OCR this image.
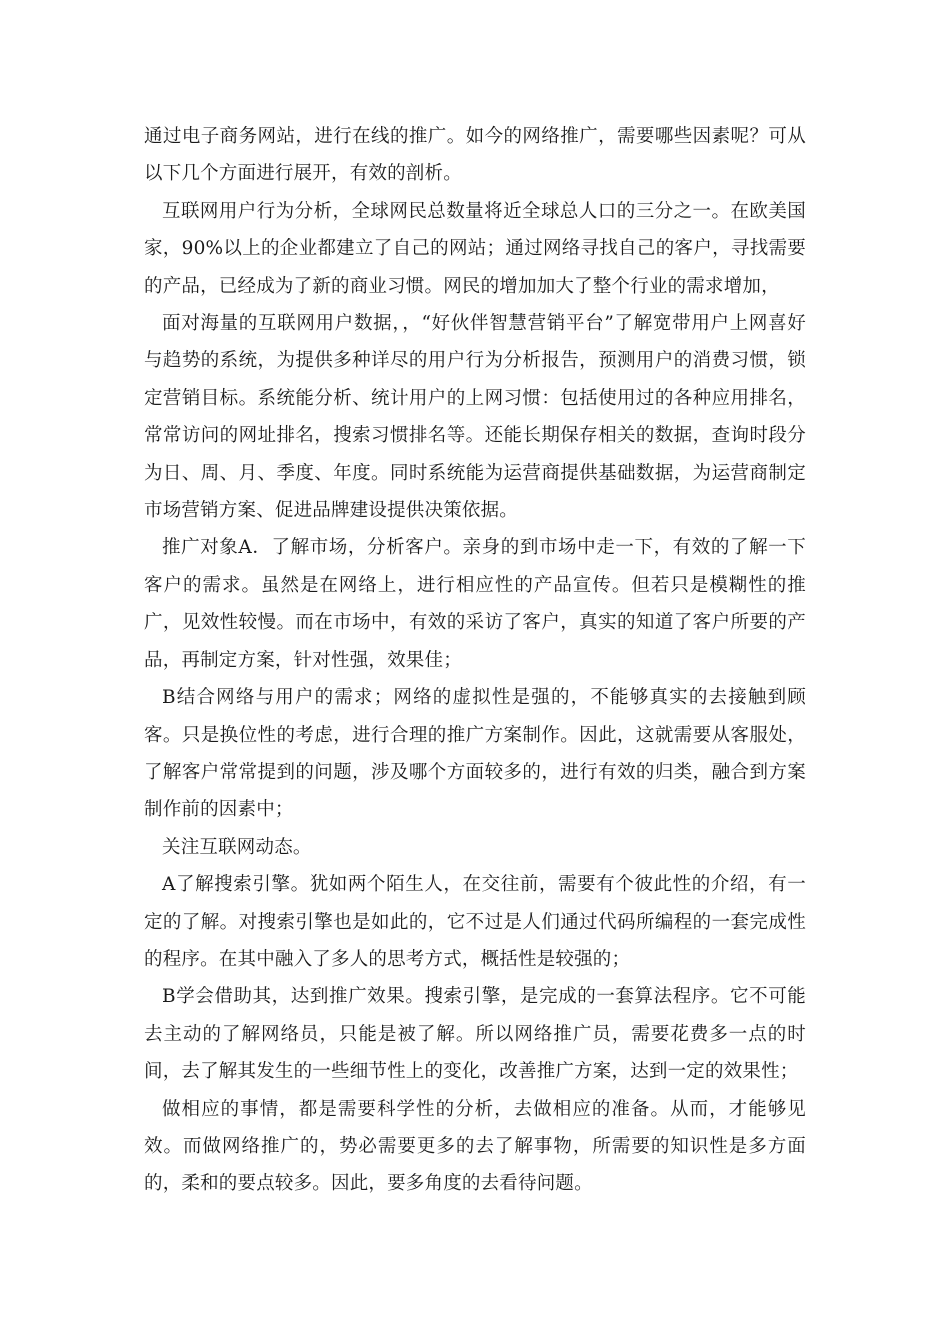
通过电子商务网站，进行在线的推广。如今的网络推广，需要哪些因素呢？可从以下几个方面进行展开，有效的剖析。

互联网用户行为分析，全球网民总数量将近全球总人口的三分之一。在欧美国家，90%以上的企业都建立了自己的网站；通过网络寻找自己的客户，寻找需要的产品，已经成为了新的商业习惯。网民的增加加大了整个行业的需求增加，

面对海量的互联网用户数据，，“好伙伴智慧营销平台”了解宽带用户上网喜好与趋势的系统，为提供多种详尽的用户行为分析报告，预测用户的消费习惯，锁定营销目标。系统能分析、统计用户的上网习惯：包括使用过的各种应用排名，常常访问的网址排名，搜索习惯排名等。还能长期保存相关的数据，查询时段分为日、周、月、季度、年度。同时系统能为运营商提供基础数据，为运营商制定市场营销方案、促进品牌建设提供决策依据。

推广对象A．了解市场，分析客户。亲身的到市场中走一下，有效的了解一下客户的需求。虽然是在网络上，进行相应性的产品宣传。但若只是模糊性的推广，见效性较慢。而在市场中，有效的采访了客户，真实的知道了客户所要的产品，再制定方案，针对性强，效果佳；

B结合网络与用户的需求；网络的虚拟性是强的，不能够真实的去接触到顾客。只是换位性的考虑，进行合理的推广方案制作。因此，这就需要从客服处，了解客户常常提到的问题，涉及哪个方面较多的，进行有效的归类，融合到方案制作前的因素中；

关注互联网动态。

A了解搜索引擎。犹如两个陌生人，在交往前，需要有个彼此性的介绍，有一定的了解。对搜索引擎也是如此的，它不过是人们通过代码所编程的一套完成性的程序。在其中融入了多人的思考方式，概括性是较强的；

B学会借助其，达到推广效果。搜索引擎，是完成的一套算法程序。它不可能去主动的了解网络员，只能是被了解。所以网络推广员，需要花费多一点的时间，去了解其发生的一些细节性上的变化，改善推广方案，达到一定的效果性；

做相应的事情，都是需要科学性的分析，去做相应的准备。从而，才能够见效。而做网络推广的，势必需要更多的去了解事物，所需要的知识性是多方面的，柔和的要点较多。因此，要多角度的去看待问题。
